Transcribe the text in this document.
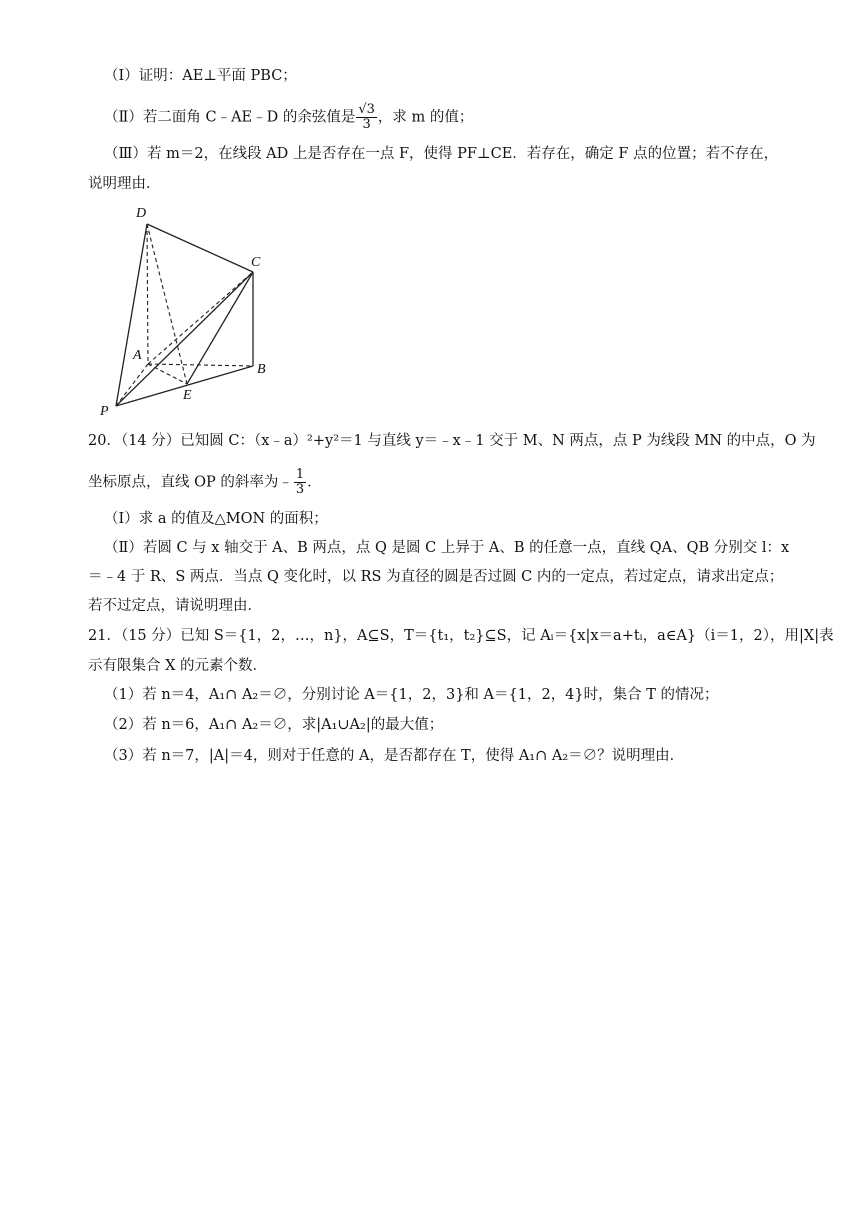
（Ⅰ）证明：AE⊥平面 PBC；
（Ⅱ）若二面角 C﹣AE﹣D 的余弦值是 $\frac{√3}{3}$ ，求 m 的值；
（Ⅲ）若 m＝2，在线段 AD 上是否存在一点 F，使得 PF⊥CE．若存在，确定 F 点的位置；若不存在，
说明理由．
D
C
A
B
E
P
20．（14 分）已知圆 C：（x﹣a）²+y²＝1 与直线 y＝﹣x﹣1 交于 M、N 两点，点 P 为线段 MN 的中点，O 为
坐标原点，直线 OP 的斜率为﹣ $\frac{1}{3}$ ．
（Ⅰ）求 a 的值及△MON 的面积；
（Ⅱ）若圆 C 与 x 轴交于 A、B 两点，点 Q 是圆 C 上异于 A、B 的任意一点，直线 QA、QB 分别交 l：x
＝﹣4 于 R、S 两点．当点 Q 变化时，以 RS 为直径的圆是否过圆 C 内的一定点，若过定点，请求出定点；
若不过定点，请说明理由．
21．（15 分）已知 S＝{1，2，…，n}，A⊆S，T＝{t₁，t₂}⊆S，记 Aᵢ＝{x|x＝a+tᵢ，a∈A}（i＝1，2），用|X|表
示有限集合 X 的元素个数．
（1）若 n＝4，A₁∩ A₂＝∅，分别讨论 A＝{1，2，3}和 A＝{1，2，4}时，集合 T 的情况；
（2）若 n＝6，A₁∩ A₂＝∅，求|A₁∪A₂|的最大值；
（3）若 n＝7，|A|＝4，则对于任意的 A，是否都存在 T，使得 A₁∩ A₂＝∅？说明理由．
